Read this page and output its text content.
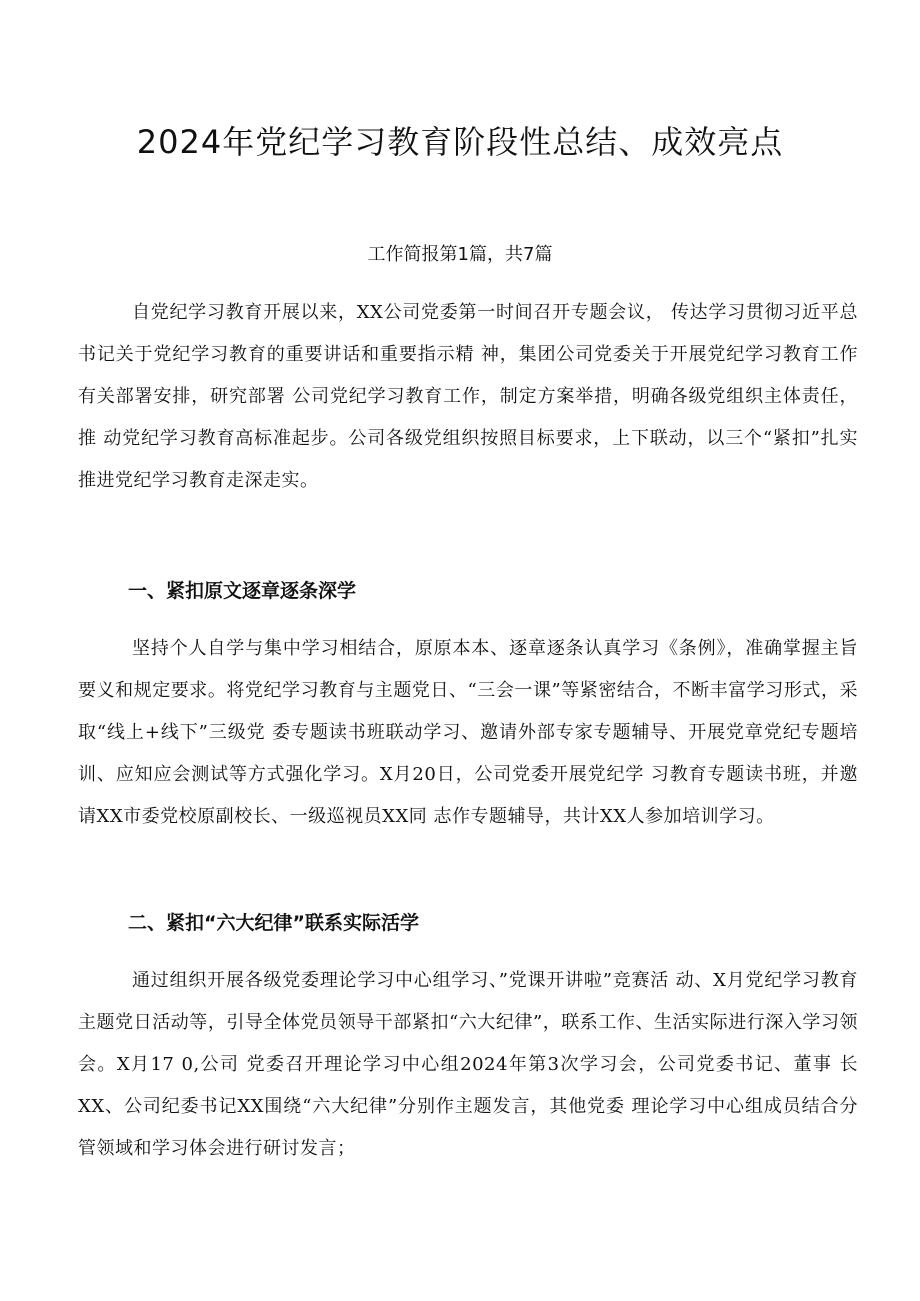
2024年党纪学习教育阶段性总结、成效亮点
工作简报第1篇，共7篇

自党纪学习教育开展以来，XX公司党委第一时间召开专题会议， 传达学习贯彻习近平总书记关于党纪学习教育的重要讲话和重要指示精 神，集团公司党委关于开展党纪学习教育工作有关部署安排，研究部署 公司党纪学习教育工作，制定方案举措，明确各级党组织主体责任，推 动党纪学习教育高标准起步。公司各级党组织按照目标要求，上下联动，以三个“紧扣”扎实推进党纪学习教育走深走实。

一、紧扣原文逐章逐条深学

坚持个人自学与集中学习相结合，原原本本、逐章逐条认真学习《条例》，准确掌握主旨要义和规定要求。将党纪学习教育与主题党日、“三会一课”等紧密结合，不断丰富学习形式，采取“线上+线下”三级党 委专题读书班联动学习、邀请外部专家专题辅导、开展党章党纪专题培 训、应知应会测试等方式强化学习。X月20日，公司党委开展党纪学 习教育专题读书班，并邀请XX市委党校原副校长、一级巡视员XX同 志作专题辅导，共计XX人参加培训学习。

二、紧扣“六大纪律”联系实际活学

通过组织开展各级党委理论学习中心组学习、”党课开讲啦”竞赛活 动、X月党纪学习教育主题党日活动等，引导全体党员领导干部紧扣“六大纪律”，联系工作、生活实际进行深入学习领会。X月17 0,公司 党委召开理论学习中心组2024年第3次学习会，公司党委书记、董事 长XX、公司纪委书记XX围绕“六大纪律”分别作主题发言，其他党委 理论学习中心组成员结合分管领域和学习体会进行研讨发言；
